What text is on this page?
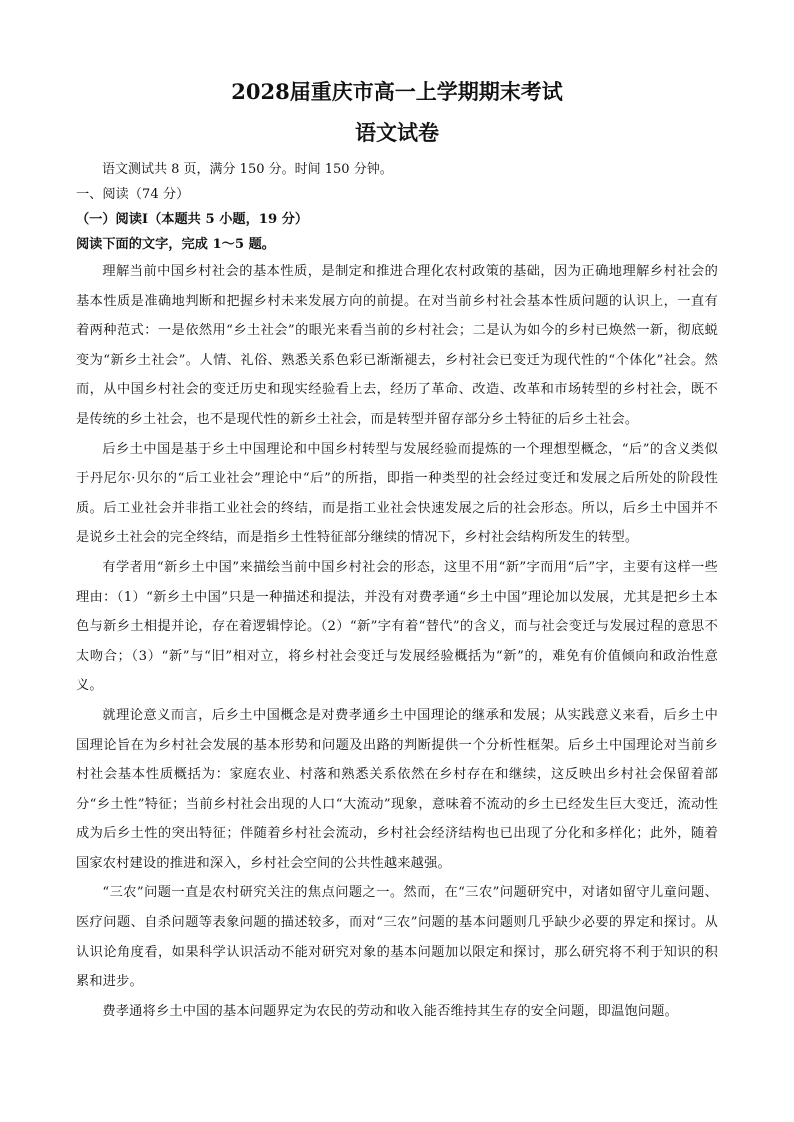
2028届重庆市高一上学期期末考试
语文试卷

语文测试共 8 页，满分 150 分。时间 150 分钟。

一、阅读（74 分）

（一）阅读Ⅰ（本题共 5 小题，19 分）

阅读下面的文字，完成 1～5 题。

理解当前中国乡村社会的基本性质，是制定和推进合理化农村政策的基础，因为正确地理解乡村社会的基本性质是准确地判断和把握乡村未来发展方向的前提。在对当前乡村社会基本性质问题的认识上，一直有着两种范式：一是依然用“乡土社会”的眼光来看当前的乡村社会；二是认为如今的乡村已焕然一新，彻底蜕变为“新乡土社会”。人情、礼俗、熟悉关系色彩已渐渐褪去，乡村社会已变迁为现代性的“个体化”社会。然而，从中国乡村社会的变迁历史和现实经验看上去，经历了革命、改造、改革和市场转型的乡村社会，既不是传统的乡土社会，也不是现代性的新乡土社会，而是转型并留存部分乡土特征的后乡土社会。

后乡土中国是基于乡土中国理论和中国乡村转型与发展经验而提炼的一个理想型概念，“后”的含义类似于丹尼尔·贝尔的“后工业社会”理论中“后”的所指，即指一种类型的社会经过变迁和发展之后所处的阶段性质。后工业社会并非指工业社会的终结，而是指工业社会快速发展之后的社会形态。所以，后乡土中国并不是说乡土社会的完全终结，而是指乡土性特征部分继续的情况下，乡村社会结构所发生的转型。

有学者用“新乡土中国”来描绘当前中国乡村社会的形态，这里不用“新”字而用“后”字，主要有这样一些理由：（1）“新乡土中国”只是一种描述和提法，并没有对费孝通“乡土中国”理论加以发展，尤其是把乡土本色与新乡土相提并论，存在着逻辑悖论。（2）“新”字有着“替代”的含义，而与社会变迁与发展过程的意思不太吻合；（3）“新”与“旧”相对立，将乡村社会变迁与发展经验概括为“新”的，难免有价值倾向和政治性意义。

就理论意义而言，后乡土中国概念是对费孝通乡土中国理论的继承和发展；从实践意义来看，后乡土中国理论旨在为乡村社会发展的基本形势和问题及出路的判断提供一个分析性框架。后乡土中国理论对当前乡村社会基本性质概括为：家庭农业、村落和熟悉关系依然在乡村存在和继续，这反映出乡村社会保留着部分“乡土性”特征；当前乡村社会出现的人口“大流动”现象，意味着不流动的乡土已经发生巨大变迁，流动性成为后乡土性的突出特征；伴随着乡村社会流动，乡村社会经济结构也已出现了分化和多样化；此外，随着国家农村建设的推进和深入，乡村社会空间的公共性越来越强。

“三农”问题一直是农村研究关注的焦点问题之一。然而，在“三农”问题研究中，对诸如留守儿童问题、医疗问题、自杀问题等表象问题的描述较多，而对“三农”问题的基本问题则几乎缺少必要的界定和探讨。从认识论角度看，如果科学认识活动不能对研究对象的基本问题加以限定和探讨，那么研究将不利于知识的积累和进步。

费孝通将乡土中国的基本问题界定为农民的劳动和收入能否维持其生存的安全问题，即温饱问题。
